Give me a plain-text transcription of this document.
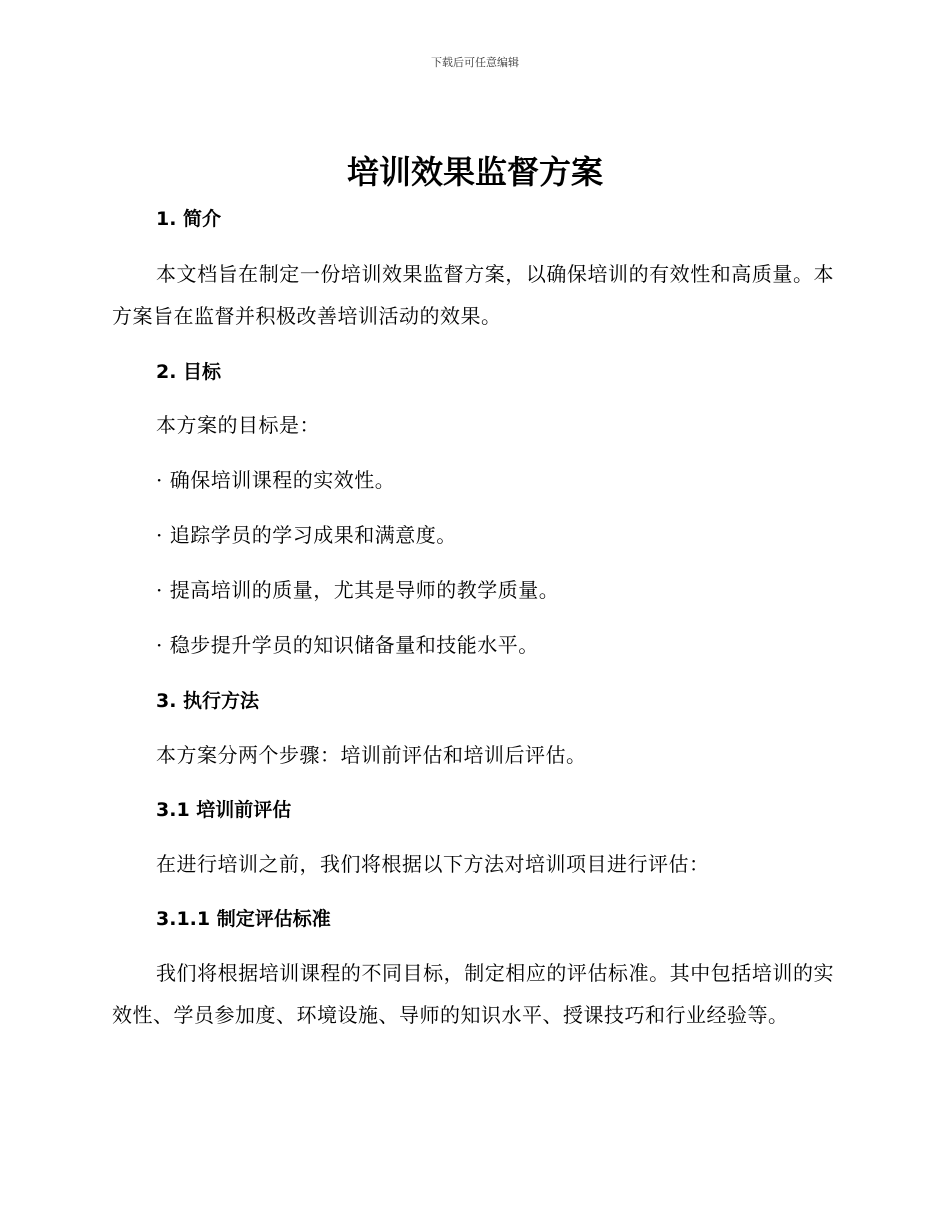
下载后可任意编辑
培训效果监督方案
1. 简介

本文档旨在制定一份培训效果监督方案，以确保培训的有效性和高质量。本方案旨在监督并积极改善培训活动的效果。

2. 目标
本方案的目标是：
· 确保培训课程的实效性。
· 追踪学员的学习成果和满意度。
· 提高培训的质量，尤其是导师的教学质量。
· 稳步提升学员的知识储备量和技能水平。
3. 执行方法
本方案分两个步骤：培训前评估和培训后评估。
3.1 培训前评估
在进行培训之前，我们将根据以下方法对培训项目进行评估：
3.1.1 制定评估标准

我们将根据培训课程的不同目标，制定相应的评估标准。其中包括培训的实效性、学员参加度、环境设施、导师的知识水平、授课技巧和行业经验等。
